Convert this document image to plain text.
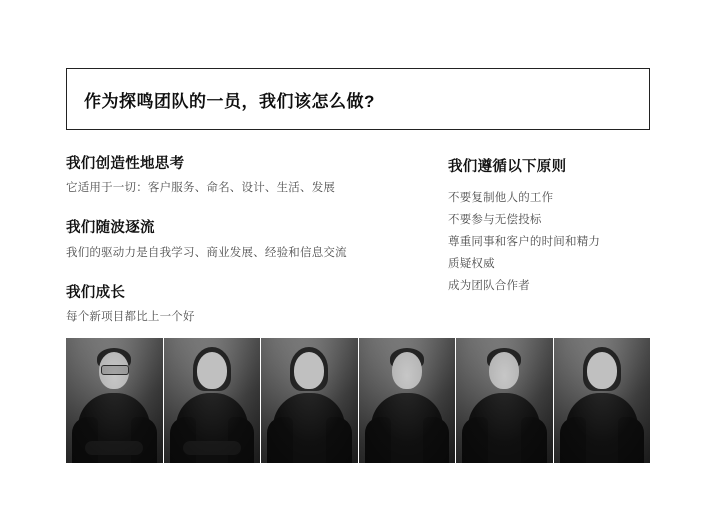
作为探鸣团队的一员，我们该怎么做?
我们创造性地思考

它适用于一切：客户服务、命名、设计、生活、发展

我们随波逐流

我们的驱动力是自我学习、商业发展、经验和信息交流

我们成长

每个新项目都比上一个好

我们遵循以下原则
不要复制他人的工作
不要参与无偿投标
尊重同事和客户的时间和精力
质疑权威
成为团队合作者
